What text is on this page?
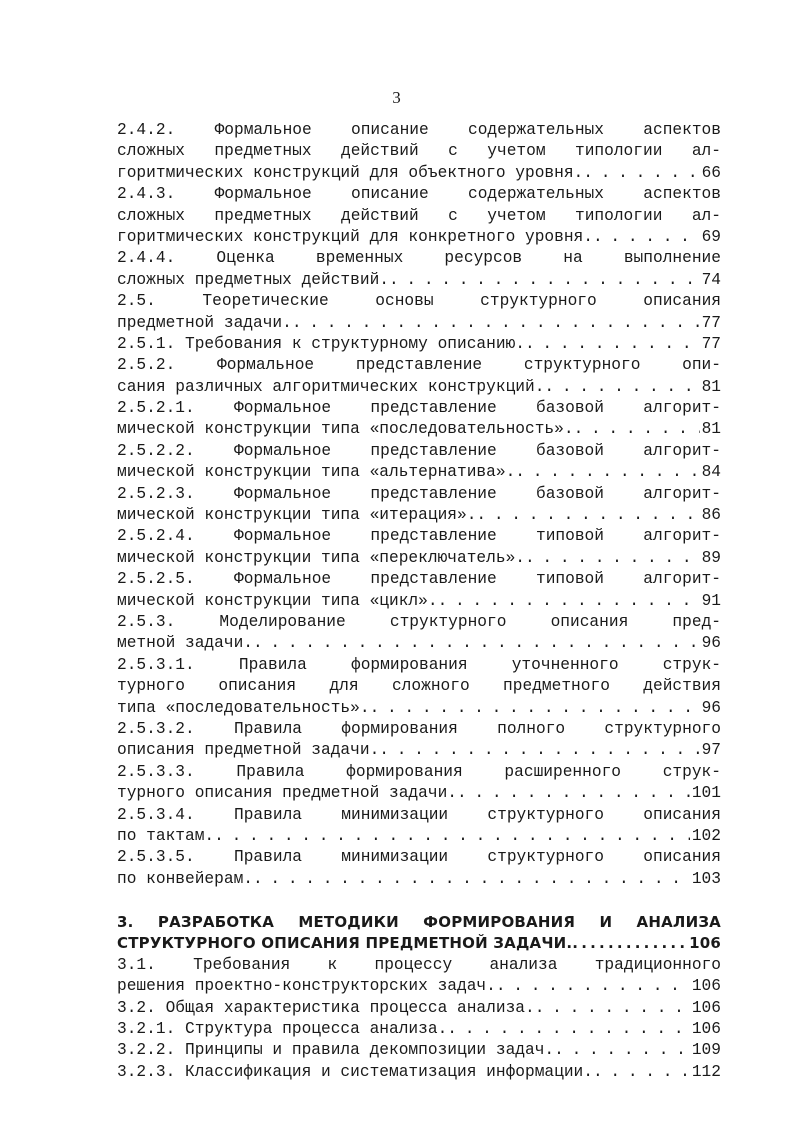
3
2.4.2. Формальное описание содержательных аспектов
сложных предметных действий с учетом типологии ал-
горитмических конструкций для объектного уровня. . . .	66
2.4.3. Формальное описание содержательных аспектов
сложных предметных действий с учетом типологии ал-
горитмических конструкций для конкретного уровня. . . .	69
2.4.4. Оценка временных ресурсов на выполнение
сложных предметных действий. . . .	74
2.5. Теоретические основы структурного описания
предметной задачи. . . .	77
2.5.1. Требования к структурному описанию. . . .	77
2.5.2. Формальное представление структурного опи-
сания различных алгоритмических конструкций. . . .	81
2.5.2.1. Формальное представление базовой алгорит-
мической конструкции типа «последовательность». . . .	81
2.5.2.2. Формальное представление базовой алгорит-
мической конструкции типа «альтернатива». . . .	84
2.5.2.3. Формальное представление базовой алгорит-
мической конструкции типа «итерация». . . .	86
2.5.2.4. Формальное представление типовой алгорит-
мической конструкции типа «переключатель». . . .	89
2.5.2.5. Формальное представление типовой алгорит-
мической конструкции типа «цикл». . . .	91
2.5.3. Моделирование структурного описания пред-
метной задачи. . . .	96
2.5.3.1. Правила формирования уточненного струк-
турного описания для сложного предметного действия
типа «последовательность». . . .	96
2.5.3.2. Правила формирования полного структурного
описания предметной задачи. . . .	97
2.5.3.3. Правила формирования расширенного струк-
турного описания предметной задачи. . . .	101
2.5.3.4. Правила минимизации структурного описания
по тактам. . . .	102
2.5.3.5. Правила минимизации структурного описания
по конвейерам. . . .	103
3. РАЗРАБОТКА МЕТОДИКИ ФОРМИРОВАНИЯ И АНАЛИЗА
СТРУКТУРНОГО ОПИСАНИЯ ПРЕДМЕТНОЙ ЗАДАЧИ. . . .	106
3.1. Требования к процессу анализа традиционного
решения проектно-конструкторских задач. . . .	106
3.2. Общая характеристика процесса анализа. . . .	106
3.2.1. Структура процесса анализа. . . .	106
3.2.2. Принципы и правила декомпозиции задач. . . .	109
3.2.3. Классификация и систематизация информации. . . .	112
